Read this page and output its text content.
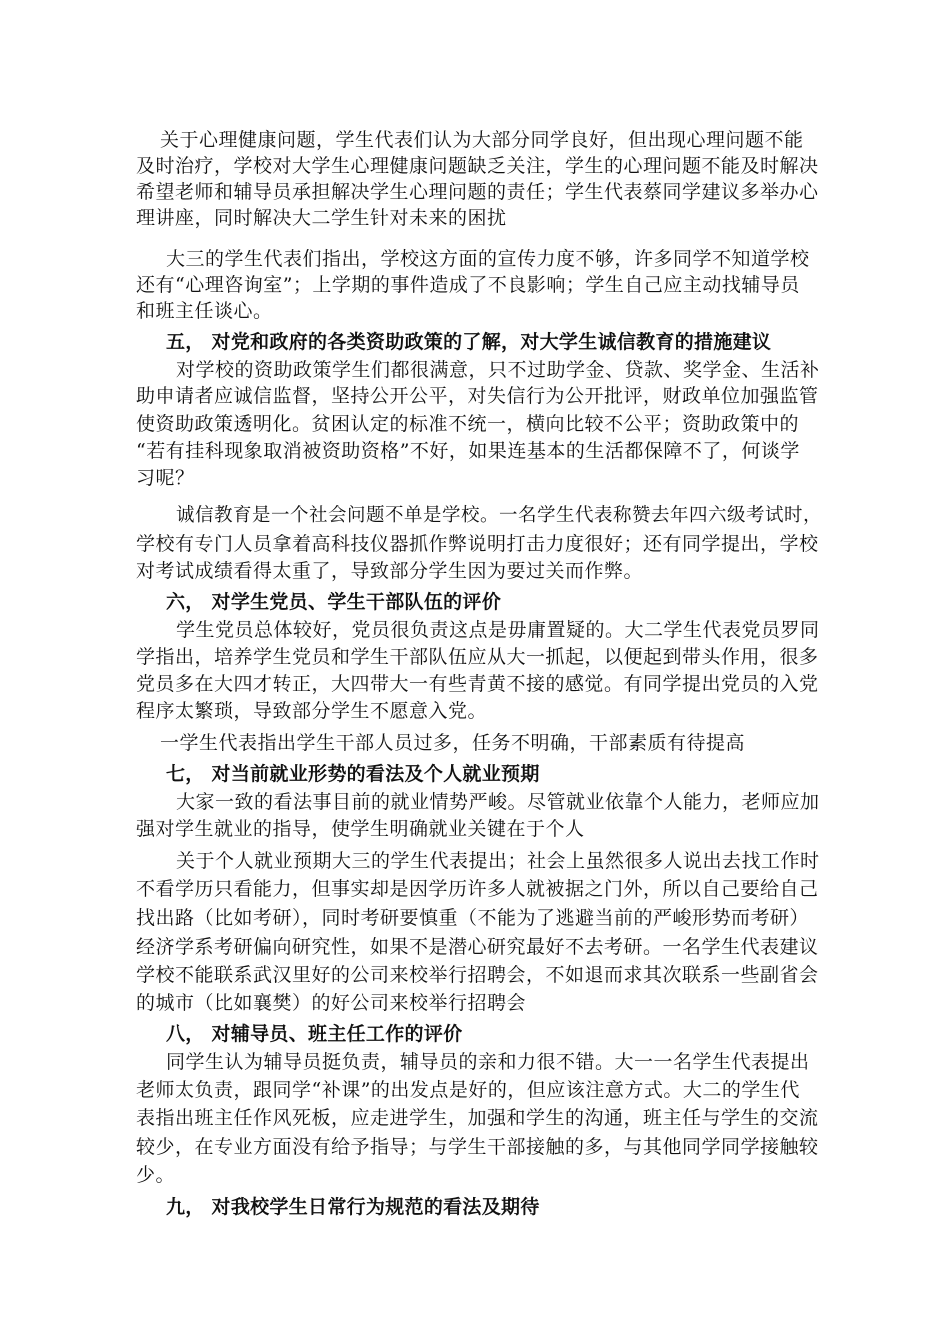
关于心理健康问题，学生代表们认为大部分同学良好，但出现心理问题不能
及时治疗，学校对大学生心理健康问题缺乏关注，学生的心理问题不能及时解决
希望老师和辅导员承担解决学生心理问题的责任；学生代表蔡同学建议多举办心
理讲座，同时解决大二学生针对未来的困扰
大三的学生代表们指出，学校这方面的宣传力度不够，许多同学不知道学校
还有“心理咨询室”；上学期的事件造成了不良影响；学生自己应主动找辅导员
和班主任谈心。
五， 对党和政府的各类资助政策的了解，对大学生诚信教育的措施建议
对学校的资助政策学生们都很满意，只不过助学金、贷款、奖学金、生活补
助申请者应诚信监督，坚持公开公平，对失信行为公开批评，财政单位加强监管
使资助政策透明化。贫困认定的标准不统一，横向比较不公平；资助政策中的
“若有挂科现象取消被资助资格”不好，如果连基本的生活都保障不了，何谈学
习呢？
诚信教育是一个社会问题不单是学校。一名学生代表称赞去年四六级考试时，
学校有专门人员拿着高科技仪器抓作弊说明打击力度很好；还有同学提出，学校
对考试成绩看得太重了，导致部分学生因为要过关而作弊。
六， 对学生党员、学生干部队伍的评价
学生党员总体较好，党员很负责这点是毋庸置疑的。大二学生代表党员罗同
学指出，培养学生党员和学生干部队伍应从大一抓起，以便起到带头作用，很多
党员多在大四才转正，大四带大一有些青黄不接的感觉。有同学提出党员的入党
程序太繁琐，导致部分学生不愿意入党。
一学生代表指出学生干部人员过多，任务不明确，干部素质有待提高
七， 对当前就业形势的看法及个人就业预期
大家一致的看法事目前的就业情势严峻。尽管就业依靠个人能力，老师应加
强对学生就业的指导，使学生明确就业关键在于个人
关于个人就业预期大三的学生代表提出；社会上虽然很多人说出去找工作时
不看学历只看能力，但事实却是因学历许多人就被据之门外，所以自己要给自己
找出路（比如考研），同时考研要慎重（不能为了逃避当前的严峻形势而考研）
经济学系考研偏向研究性，如果不是潜心研究最好不去考研。一名学生代表建议
学校不能联系武汉里好的公司来校举行招聘会，不如退而求其次联系一些副省会
的城市（比如襄樊）的好公司来校举行招聘会
八， 对辅导员、班主任工作的评价
同学生认为辅导员挺负责，辅导员的亲和力很不错。大一一名学生代表提出
老师太负责，跟同学“补课”的出发点是好的，但应该注意方式。大二的学生代
表指出班主任作风死板，应走进学生，加强和学生的沟通，班主任与学生的交流
较少，在专业方面没有给予指导；与学生干部接触的多，与其他同学同学接触较
少。
九， 对我校学生日常行为规范的看法及期待
